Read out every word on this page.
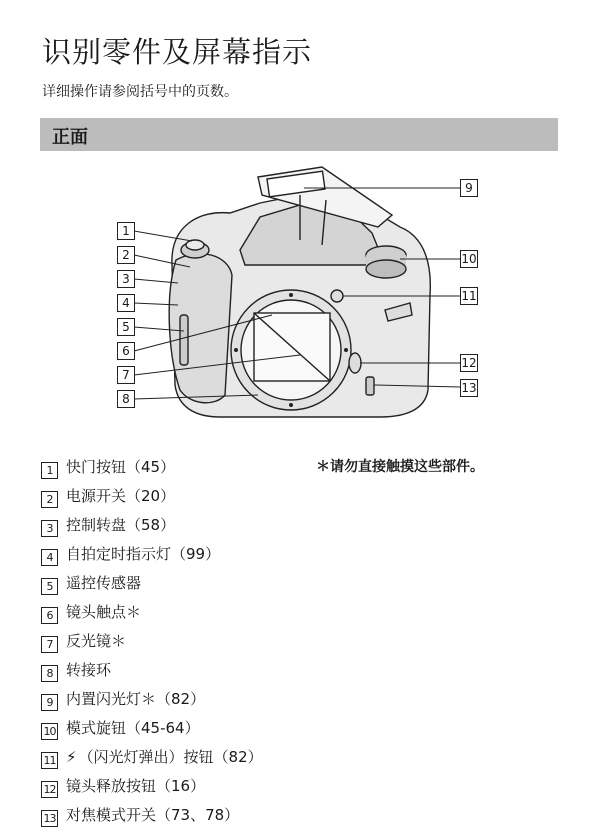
识别零件及屏幕指示
详细操作请参阅括号中的页数。
正面
1
2
3
4
5
6
7
8
9
10
11
12
13
1 快门按钮（45）
2 电源开关（20）
3 控制转盘（58）
4 自拍定时指示灯（99）
5 遥控传感器
6 镜头触点＊
7 反光镜＊
8 转接环
9 内置闪光灯＊（82）
10 模式旋钮（45-64）
11 ⚡︎ （闪光灯弹出）按钮（82）
12 镜头释放按钮（16）
13 对焦模式开关（73、78）
＊请勿直接触摸这些部件。
